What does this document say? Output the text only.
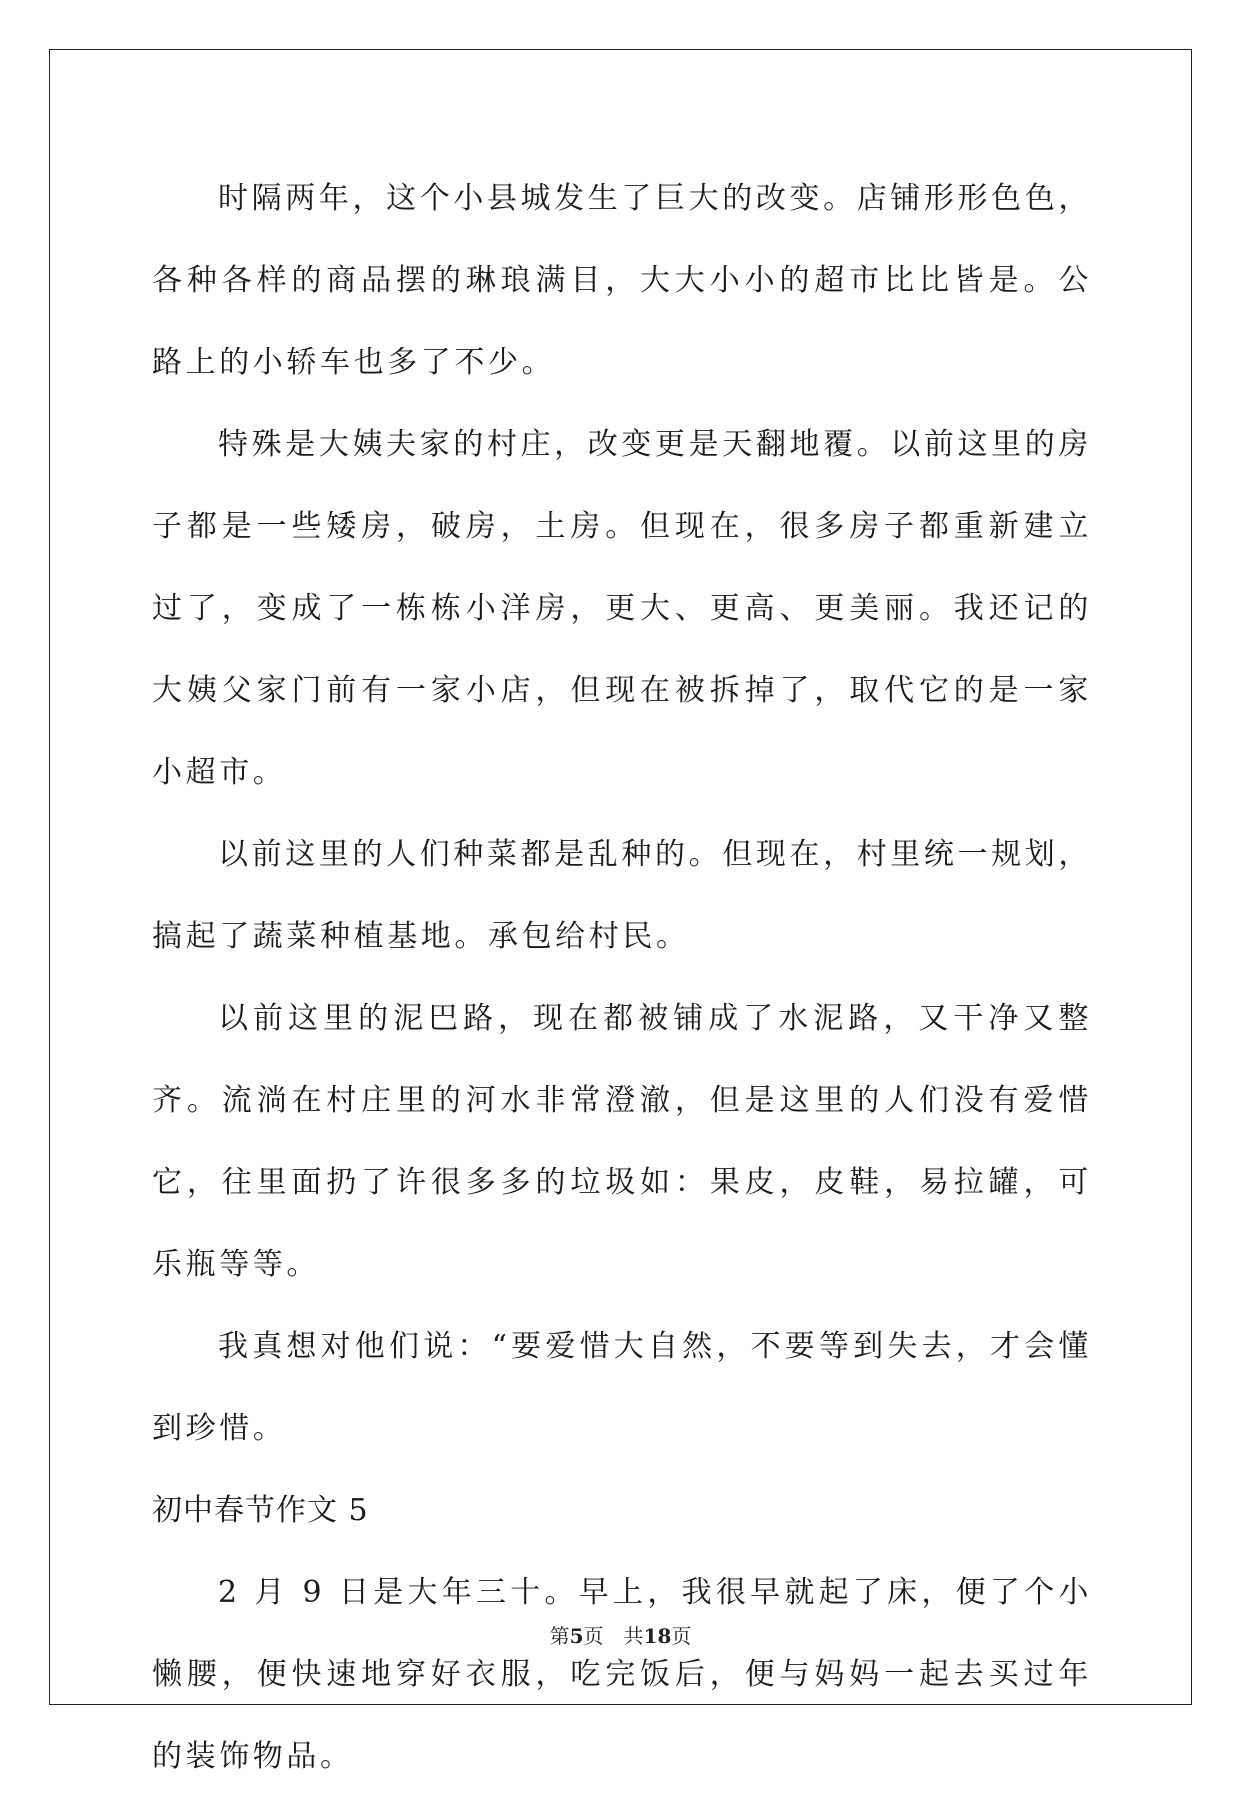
时隔两年，这个小县城发生了巨大的改变。店铺形形色色，各种各样的商品摆的琳琅满目，大大小小的超市比比皆是。公路上的小轿车也多了不少。

特殊是大姨夫家的村庄，改变更是天翻地覆。以前这里的房子都是一些矮房，破房，土房。但现在，很多房子都重新建立过了，变成了一栋栋小洋房，更大、更高、更美丽。我还记的大姨父家门前有一家小店，但现在被拆掉了，取代它的是一家小超市。

以前这里的人们种菜都是乱种的。但现在，村里统一规划，搞起了蔬菜种植基地。承包给村民。

以前这里的泥巴路，现在都被铺成了水泥路，又干净又整齐。流淌在村庄里的河水非常澄澈，但是这里的人们没有爱惜它，往里面扔了许很多多的垃圾如：果皮，皮鞋，易拉罐，可乐瓶等等。

我真想对他们说：“要爱惜大自然，不要等到失去，才会懂到珍惜。

初中春节作文 5

2 月 9 日是大年三十。早上，我很早就起了床，便了个小懒腰，便快速地穿好衣服，吃完饭后，便与妈妈一起去买过年的装饰物品。

第5页　共18页
